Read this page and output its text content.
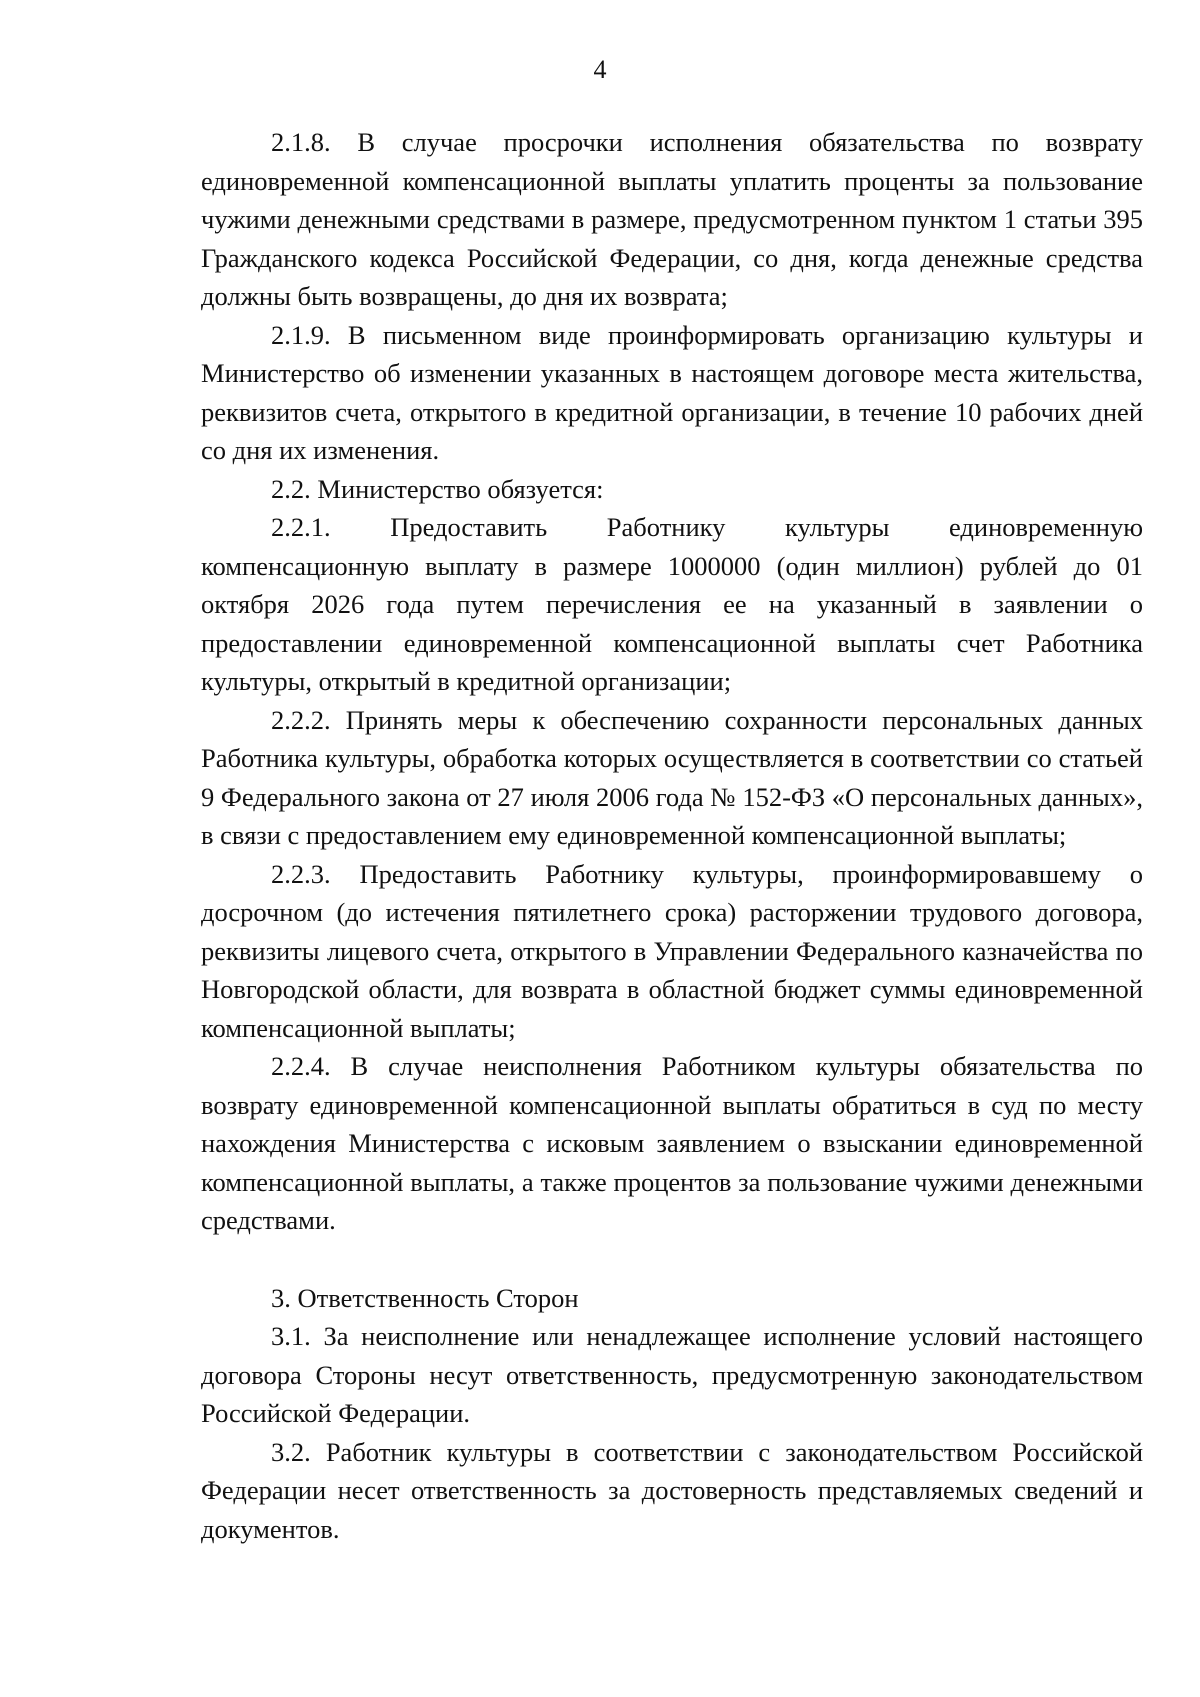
4

2.1.8. В случае просрочки исполнения обязательства по возврату единовременной компенсационной выплаты уплатить проценты за пользование чужими денежными средствами в размере, предусмотренном пунктом 1 статьи 395 Гражданского кодекса Российской Федерации, со дня, когда денежные средства должны быть возвращены, до дня их возврата;

2.1.9. В письменном виде проинформировать организацию культуры и Министерство об изменении указанных в настоящем договоре места жительства, реквизитов счета, открытого в кредитной организации, в течение 10 рабочих дней со дня их изменения.

2.2. Министерство обязуется:

2.2.1. Предоставить Работнику культуры единовременную компенсационную выплату в размере 1000000 (один миллион) рублей до 01 октября 2026 года путем перечисления ее на указанный в заявлении о предоставлении единовременной компенсационной выплаты счет Работника культуры, открытый в кредитной организации;

2.2.2. Принять меры к обеспечению сохранности персональных данных Работника культуры, обработка которых осуществляется в соответствии со статьей 9 Федерального закона от 27 июля 2006 года № 152-ФЗ «О персональных данных», в связи с предоставлением ему единовременной компенсационной выплаты;

2.2.3. Предоставить Работнику культуры, проинформировавшему о досрочном (до истечения пятилетнего срока) расторжении трудового договора, реквизиты лицевого счета, открытого в Управлении Федерального казначейства по Новгородской области, для возврата в областной бюджет суммы единовременной компенсационной выплаты;

2.2.4. В случае неисполнения Работником культуры обязательства по возврату единовременной компенсационной выплаты обратиться в суд по месту нахождения Министерства с исковым заявлением о взыскании единовременной компенсационной выплаты, а также процентов за пользование чужими денежными средствами.

3. Ответственность Сторон

3.1. За неисполнение или ненадлежащее исполнение условий настоящего договора Стороны несут ответственность, предусмотренную законодательством Российской Федерации.

3.2. Работник культуры в соответствии с законодательством Российской Федерации несет ответственность за достоверность представляемых сведений и документов.
